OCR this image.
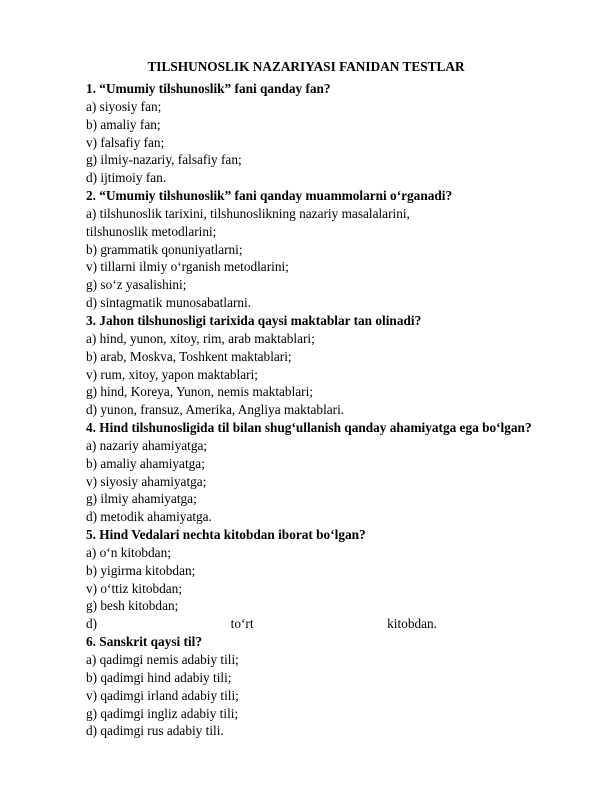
TILSHUNOSLIK NAZARIYASI FANIDAN TESTLAR
1. “Umumiy tilshunoslik” fani qanday fan?
a) siyosiy fan;
b) amaliy fan;
v) falsafiy fan;
g) ilmiy-nazariy, falsafiy fan;
d) ijtimoiy fan.
2. “Umumiy tilshunoslik” fani qanday muammolarni o‘rganadi?
a) tilshunoslik tarixini, tilshunoslikning nazariy masalalarini,
tilshunoslik metodlarini;
b) grammatik qonuniyatlarni;
v) tillarni ilmiy o‘rganish metodlarini;
g) so‘z yasalishini;
d) sintagmatik munosabatlarni.
3. Jahon tilshunosligi tarixida qaysi maktablar tan olinadi?
a) hind, yunon, xitoy, rim, arab maktablari;
b) arab, Moskva, Toshkent maktablari;
v) rum, xitoy, yapon maktablari;
g) hind, Koreya, Yunon, nemis maktablari;
d) yunon, fransuz, Amerika, Angliya maktablari.
4. Hind tilshunosligida til bilan shug‘ullanish qanday ahamiyatga ega bo‘lgan?
a) nazariy ahamiyatga;
b) amaliy ahamiyatga;
v) siyosiy ahamiyatga;
g) ilmiy ahamiyatga;
d) metodik ahamiyatga.
5. Hind Vedalari nechta kitobdan iborat bo‘lgan?
a) o‘n kitobdan;
b) yigirma kitobdan;
v) o‘ttiz kitobdan;
g) besh kitobdan;
d)	to‘rt	kitobdan.
6. Sanskrit qaysi til?
a) qadimgi nemis adabiy tili;
b) qadimgi hind adabiy tili;
v) qadimgi irland adabiy tili;
g) qadimgi ingliz adabiy tili;
d) qadimgi rus adabiy tili.
